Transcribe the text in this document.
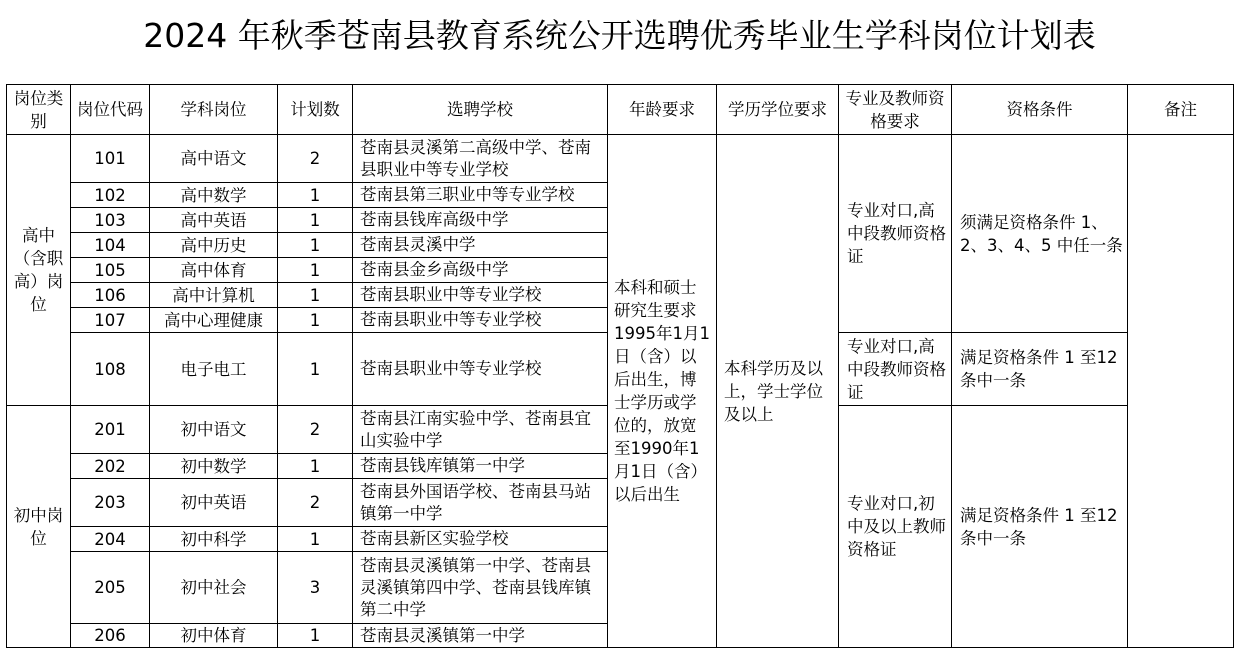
2024 年秋季苍南县教育系统公开选聘优秀毕业生学科岗位计划表
岗位类别	岗位代码	学科岗位	计划数	选聘学校	年龄要求	学历学位要求	专业及教师资格要求	资格条件	备注
高中（含职高）岗位	101	高中语文	2	苍南县灵溪第二高级中学、苍南县职业中等专业学校	本科和硕士研究生要求1995年1月1日（含）以后出生，博士学历或学位的，放宽至1990年1月1日（含）以后出生	本科学历及以上，学士学位及以上	专业对口,高中段教师资格证	须满足资格条件 1、2、3、4、5 中任一条	
	102	高中数学	1	苍南县第三职业中等专业学校					
	103	高中英语	1	苍南县钱库高级中学					
	104	高中历史	1	苍南县灵溪中学					
	105	高中体育	1	苍南县金乡高级中学					
	106	高中计算机	1	苍南县职业中等专业学校					
	107	高中心理健康	1	苍南县职业中等专业学校					
	108	电子电工	1	苍南县职业中等专业学校			专业对口,高中段教师资格证	满足资格条件 1 至12 条中一条	
初中岗位	201	初中语文	2	苍南县江南实验中学、苍南县宜山实验中学			专业对口,初中及以上教师资格证	满足资格条件 1 至12 条中一条	
	202	初中数学	1	苍南县钱库镇第一中学					
	203	初中英语	2	苍南县外国语学校、苍南县马站镇第一中学					
	204	初中科学	1	苍南县新区实验学校					
	205	初中社会	3	苍南县灵溪镇第一中学、苍南县灵溪镇第四中学、苍南县钱库镇第二中学					
	206	初中体育	1	苍南县灵溪镇第一中学					
